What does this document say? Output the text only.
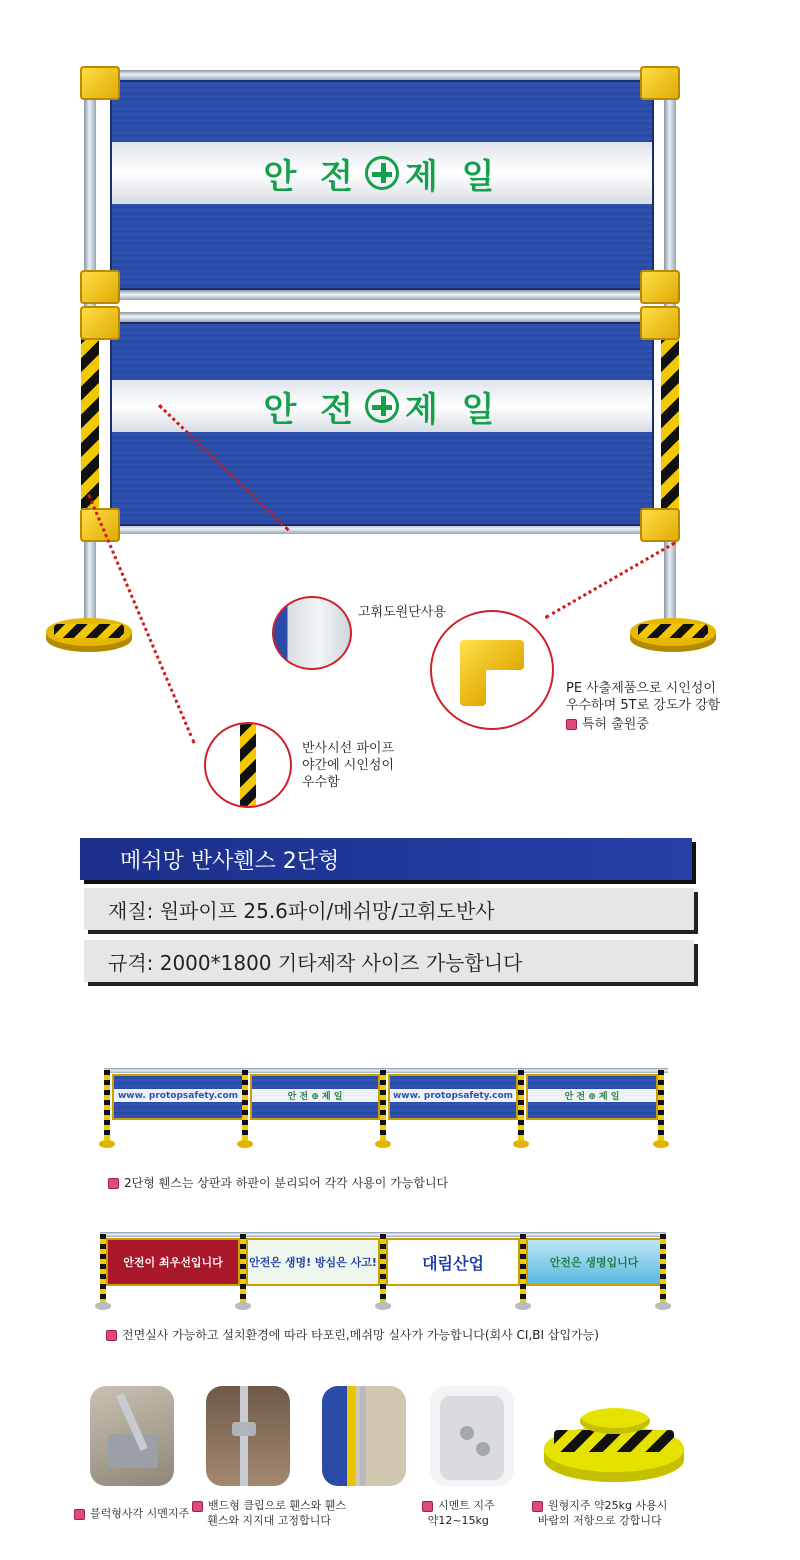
안 전 제 일
안 전 제 일
고휘도원단사용
PE 사출제품으로 시인성이
우수하며 5T로 강도가 강함
특허 출원중
반사시선 파이프
야간에 시인성이
우수함
메쉬망 반사휀스 2단형
재질: 원파이프 25.6파이/메쉬망/고휘도반사
규격: 2000*1800 기타제작 사이즈 가능합니다
www. protopsafety.com	안 전 ⊕ 제 일	www. protopsafety.com	안 전 ⊕ 제 일
2단형 휀스는 상판과 하판이 분리되어 각각 사용이 가능합니다
안전이 최우선입니다 안전은 생명! 방심은 사고!	대림산업	안전은 생명입니다
전면실사 가능하고 설치환경에 따라 타포린,메쉬망 실사가 가능합니다(회사 CI,BI 삽입가능)
블럭형사각 시멘지주
밴드형 클립으로 휀스와 휀스
휀스와 지지대 고정합니다
시멘트 지주
약12~15kg
원형지주 약25kg 사용시
바람의 저항으로 강합니다
